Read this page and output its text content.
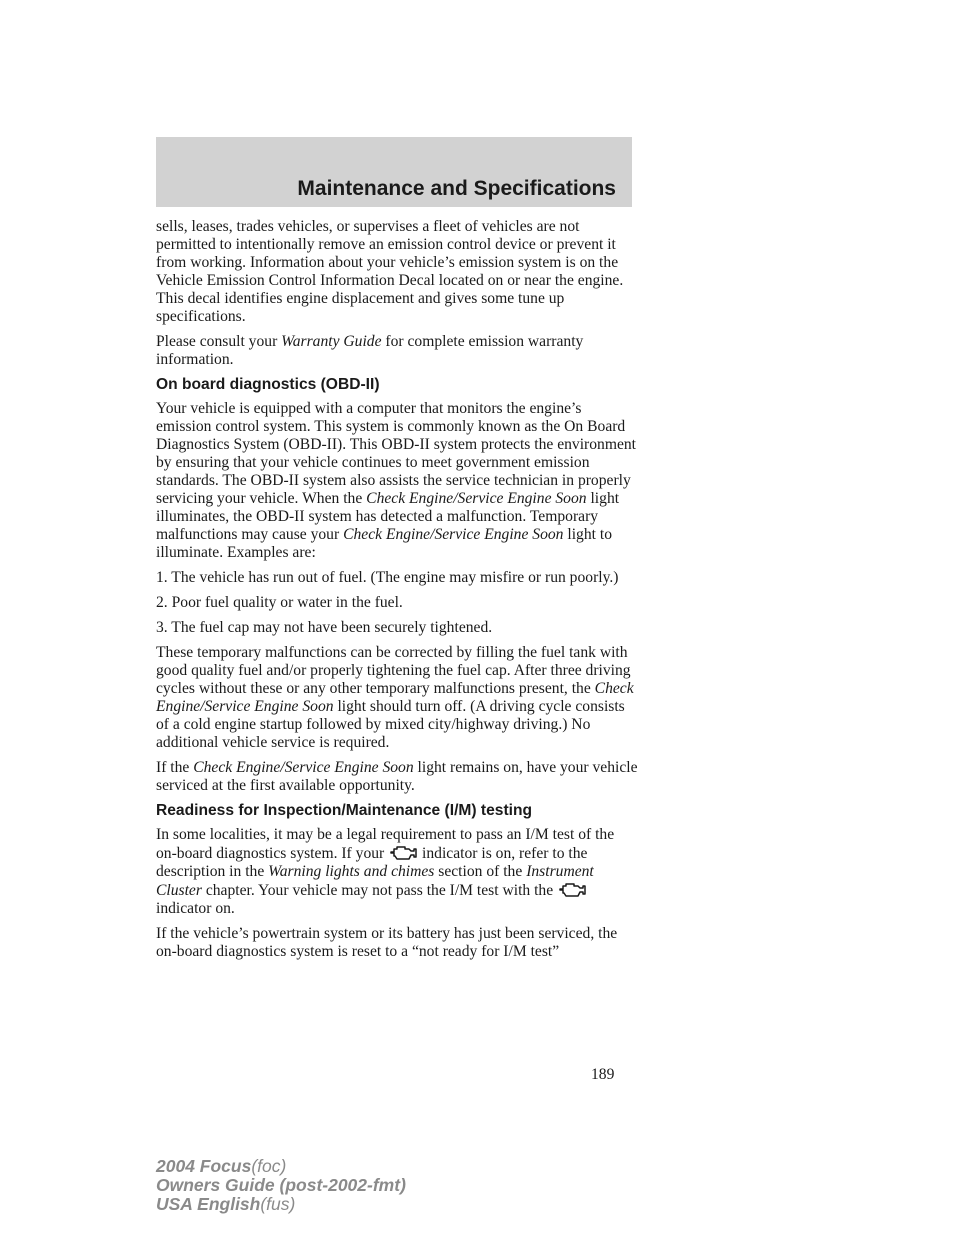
Maintenance and Specifications

sells, leases, trades vehicles, or supervises a fleet of vehicles are not permitted to intentionally remove an emission control device or prevent it from working. Information about your vehicle’s emission system is on the Vehicle Emission Control Information Decal located on or near the engine. This decal identifies engine displacement and gives some tune up specifications.

Please consult your Warranty Guide for complete emission warranty information.

On board diagnostics (OBD-II)

Your vehicle is equipped with a computer that monitors the engine’s emission control system. This system is commonly known as the On Board Diagnostics System (OBD-II). This OBD-II system protects the environment by ensuring that your vehicle continues to meet government emission standards. The OBD-II system also assists the service technician in properly servicing your vehicle. When the Check Engine/Service Engine Soon light illuminates, the OBD-II system has detected a malfunction. Temporary malfunctions may cause your Check Engine/Service Engine Soon light to illuminate. Examples are:

1. The vehicle has run out of fuel. (The engine may misfire or run poorly.)

2. Poor fuel quality or water in the fuel.

3. The fuel cap may not have been securely tightened.

These temporary malfunctions can be corrected by filling the fuel tank with good quality fuel and/or properly tightening the fuel cap. After three driving cycles without these or any other temporary malfunctions present, the Check Engine/Service Engine Soon light should turn off. (A driving cycle consists of a cold engine startup followed by mixed city/highway driving.) No additional vehicle service is required.

If the Check Engine/Service Engine Soon light remains on, have your vehicle serviced at the first available opportunity.

Readiness for Inspection/Maintenance (I/M) testing

In some localities, it may be a legal requirement to pass an I/M test of the on-board diagnostics system. If your  indicator is on, refer to the description in the Warning lights and chimes section of the Instrument Cluster chapter. Your vehicle may not pass the I/M test with the  indicator on.

If the vehicle’s powertrain system or its battery has just been serviced, the on-board diagnostics system is reset to a “not ready for I/M test”

189
2004 Focus(foc)
Owners Guide (post-2002-fmt)
USA English(fus)
